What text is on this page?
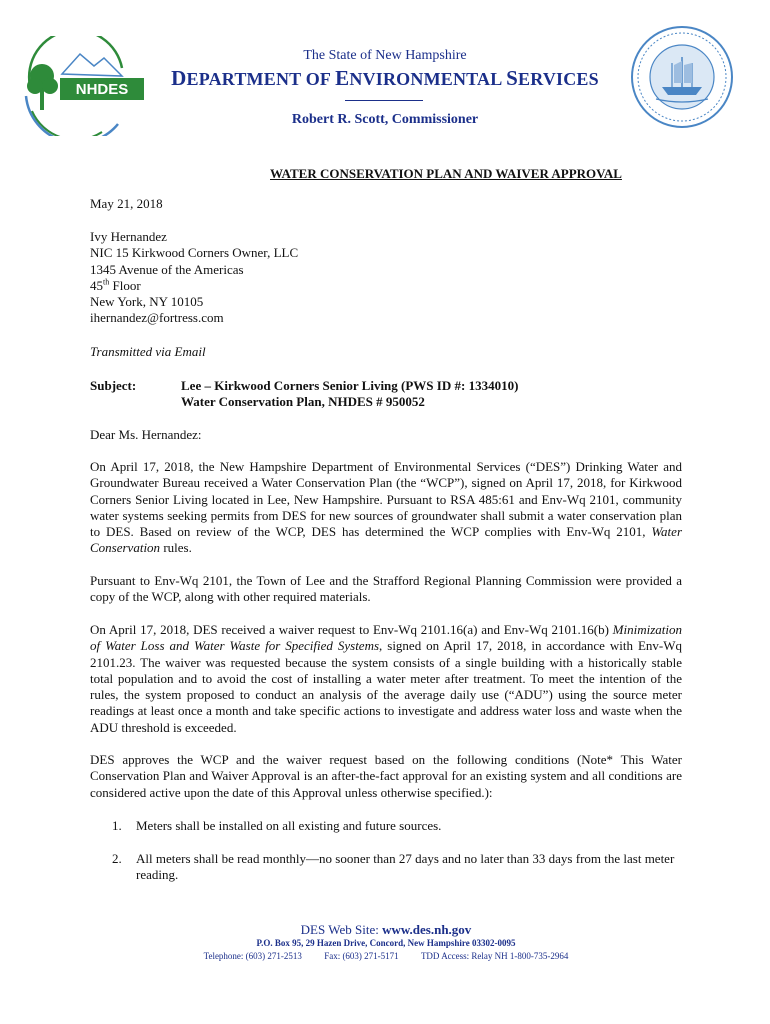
NHDES
The State of New Hampshire
DEPARTMENT OF ENVIRONMENTAL SERVICES
Robert R. Scott, Commissioner
WATER CONSERVATION PLAN AND WAIVER APPROVAL
May 21, 2018
Ivy Hernandez
NIC 15 Kirkwood Corners Owner, LLC
1345 Avenue of the Americas
45th Floor
New York, NY 10105
ihernandez@fortress.com
Transmitted via Email
Subject:	Lee – Kirkwood Corners Senior Living (PWS ID #: 1334010)
Water Conservation Plan, NHDES # 950052
Dear Ms. Hernandez:
On April 17, 2018, the New Hampshire Department of Environmental Services (“DES”) Drinking Water and Groundwater Bureau received a Water Conservation Plan (the “WCP”), signed on April 17, 2018, for Kirkwood Corners Senior Living located in Lee, New Hampshire. Pursuant to RSA 485:61 and Env-Wq 2101, community water systems seeking permits from DES for new sources of groundwater shall submit a water conservation plan to DES. Based on review of the WCP, DES has determined the WCP complies with Env-Wq 2101, Water Conservation rules.
Pursuant to Env-Wq 2101, the Town of Lee and the Strafford Regional Planning Commission were provided a copy of the WCP, along with other required materials.
On April 17, 2018, DES received a waiver request to Env-Wq 2101.16(a) and Env-Wq 2101.16(b) Minimization of Water Loss and Water Waste for Specified Systems, signed on April 17, 2018, in accordance with Env-Wq 2101.23. The waiver was requested because the system consists of a single building with a historically stable total population and to avoid the cost of installing a water meter after treatment. To meet the intention of the rules, the system proposed to conduct an analysis of the average daily use (“ADU”) using the source meter readings at least once a month and take specific actions to investigate and address water loss and waste when the ADU threshold is exceeded.
DES approves the WCP and the waiver request based on the following conditions (Note* This Water Conservation Plan and Waiver Approval is an after-the-fact approval for an existing system and all conditions are considered active upon the date of this Approval unless otherwise specified.):
1. Meters shall be installed on all existing and future sources.
2. All meters shall be read monthly—no sooner than 27 days and no later than 33 days from the last meter reading.
DES Web Site: www.des.nh.gov
P.O. Box 95, 29 Hazen Drive, Concord, New Hampshire 03302-0095
Telephone: (603) 271-2513 Fax: (603) 271-5171 TDD Access: Relay NH 1-800-735-2964
